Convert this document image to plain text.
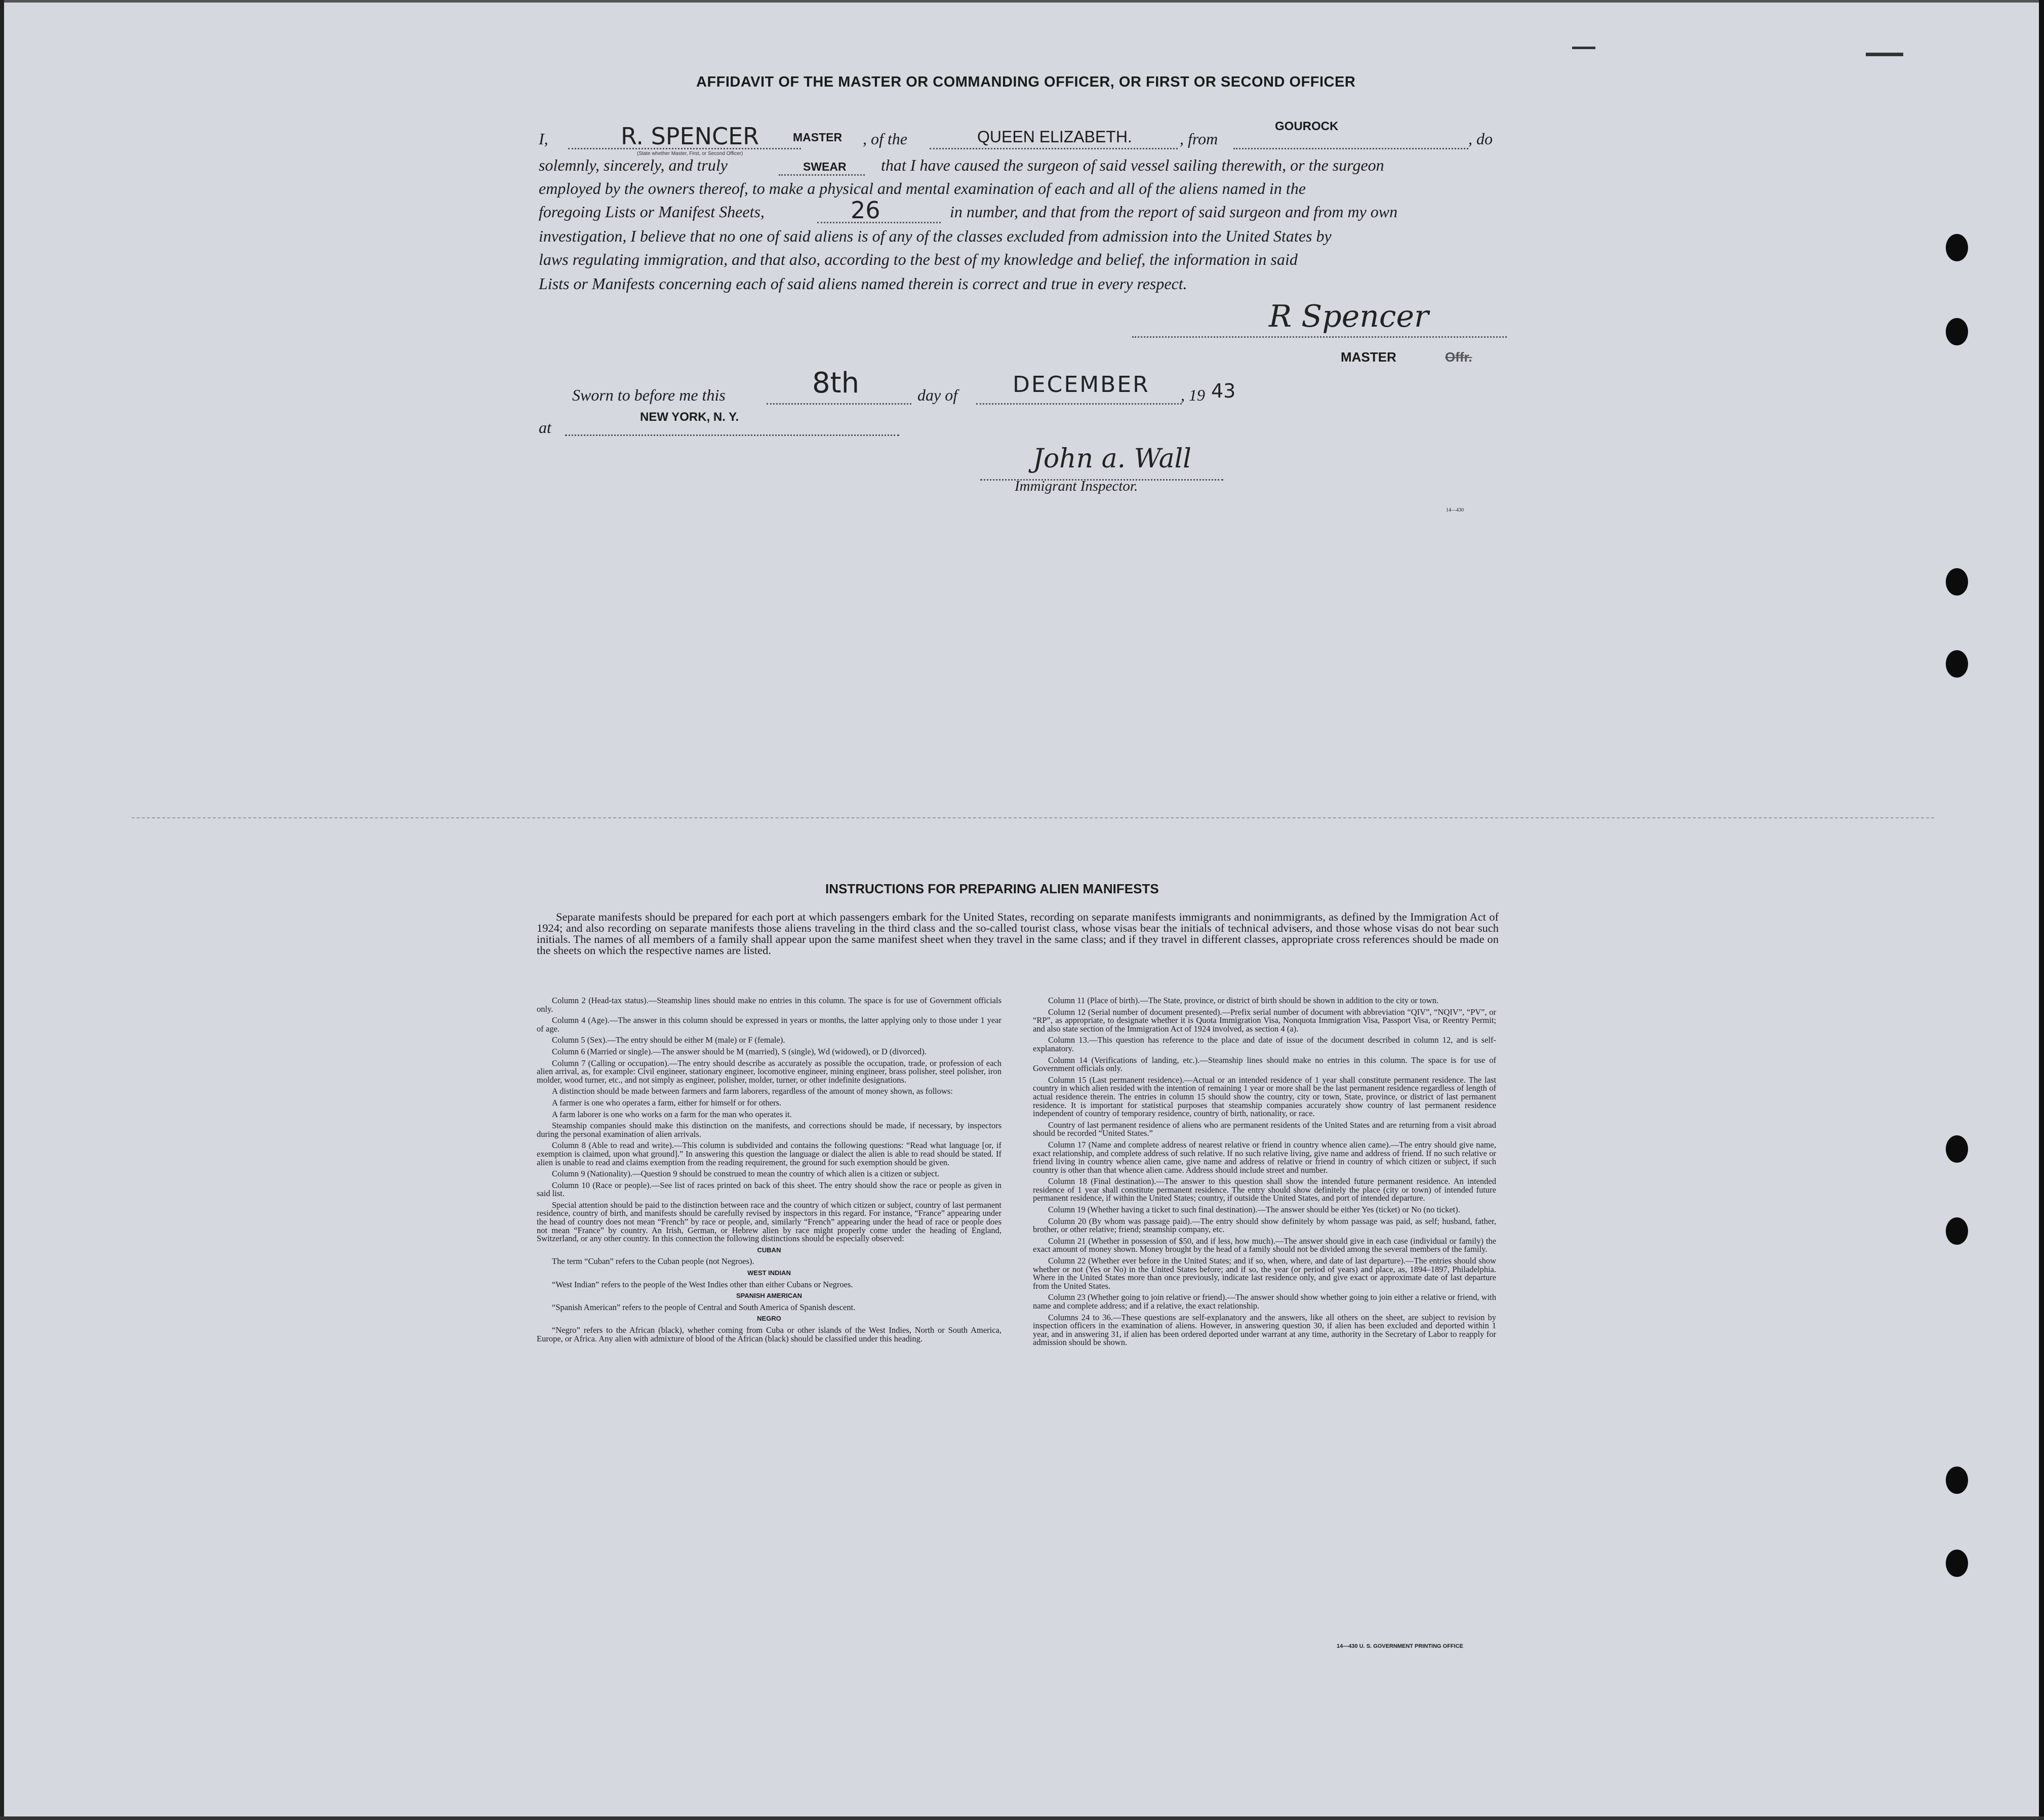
AFFIDAVIT OF THE MASTER OR COMMANDING OFFICER, OR FIRST OR SECOND OFFICER
I,	R. SPENCER	MASTER
(State whether Master, First, or Second Officer)
, of the	QUEEN ELIZABETH.	, from
GOUROCK
, do
solemnly, sincerely, and truly	SWEAR that I have caused the surgeon of said vessel sailing therewith, or the surgeon
employed by the owners thereof, to make a physical and mental examination of each and all of the aliens named in the
foregoing Lists or Manifest Sheets,	26	in number, and that from the report of said surgeon and from my own
investigation, I believe that no one of said aliens is of any of the classes excluded from admission into the United States by
laws regulating immigration, and that also, according to the best of my knowledge and belief, the information in said
Lists or Manifests concerning each of said aliens named therein is correct and true in every respect.
R Spencer
MASTER	Offr.
Sworn to before me this	8th	day of DECEMBER , 19 43
at
NEW YORK, N. Y.
John a. Wall
Immigrant Inspector.
14—430
INSTRUCTIONS FOR PREPARING ALIEN MANIFESTS
Separate manifests should be prepared for each port at which passengers embark for the United States, recording on separate manifests immigrants and nonimmigrants, as defined by the Immigration Act of 1924; and also recording on separate manifests those aliens traveling in the third class and the so-called tourist class, whose visas bear the initials of technical advisers, and those whose visas do not bear such initials. The names of all members of a family shall appear upon the same manifest sheet when they travel in the same class; and if they travel in different classes, appropriate cross references should be made on the sheets on which the respective names are listed.

Column 2 (Head-tax status).—Steamship lines should make no entries in this column. The space is for use of Government officials only.

Column 4 (Age).—The answer in this column should be expressed in years or months, the latter applying only to those under 1 year of age.

Column 5 (Sex).—The entry should be either M (male) or F (female).

Column 6 (Married or single).—The answer should be M (married), S (single), Wd (widowed), or D (divorced).

Column 7 (Calling or occupation).—The entry should describe as accurately as possible the occupation, trade, or profession of each alien arrival, as, for example: Civil engineer, stationary engineer, locomotive engineer, mining engineer, brass polisher, steel polisher, iron molder, wood turner, etc., and not simply as engineer, polisher, molder, turner, or other indefinite designations.

A distinction should be made between farmers and farm laborers, regardless of the amount of money shown, as follows:

A farmer is one who operates a farm, either for himself or for others.

A farm laborer is one who works on a farm for the man who operates it.

Steamship companies should make this distinction on the manifests, and corrections should be made, if necessary, by inspectors during the personal examination of alien arrivals.

Column 8 (Able to read and write).—This column is subdivided and contains the following questions: “Read what language [or, if exemption is claimed, upon what ground].” In answering this question the language or dialect the alien is able to read should be stated. If alien is unable to read and claims exemption from the reading requirement, the ground for such exemption should be given.

Column 9 (Nationality).—Question 9 should be construed to mean the country of which alien is a citizen or subject.

Column 10 (Race or people).—See list of races printed on back of this sheet. The entry should show the race or people as given in said list.

Special attention should be paid to the distinction between race and the country of which citizen or subject, country of last permanent residence, country of birth, and manifests should be carefully revised by inspectors in this regard. For instance, “France” appearing under the head of country does not mean “French” by race or people, and, similarly “French” appearing under the head of race or people does not mean “France” by country. An Irish, German, or Hebrew alien by race might properly come under the heading of England, Switzerland, or any other country. In this connection the following distinctions should be especially observed:

CUBAN

The term “Cuban” refers to the Cuban people (not Negroes).

WEST INDIAN

“West Indian” refers to the people of the West Indies other than either Cubans or Negroes.

SPANISH AMERICAN

“Spanish American” refers to the people of Central and South America of Spanish descent.

NEGRO

“Negro” refers to the African (black), whether coming from Cuba or other islands of the West Indies, North or South America, Europe, or Africa. Any alien with admixture of blood of the African (black) should be classified under this heading.

Column 11 (Place of birth).—The State, province, or district of birth should be shown in addition to the city or town.

Column 12 (Serial number of document presented).—Prefix serial number of document with abbreviation “QIV”, “NQIV”, “PV”, or “RP”, as appropriate, to designate whether it is Quota Immigration Visa, Nonquota Immigration Visa, Passport Visa, or Reentry Permit; and also state section of the Immigration Act of 1924 involved, as section 4 (a).

Column 13.—This question has reference to the place and date of issue of the document described in column 12, and is self-explanatory.

Column 14 (Verifications of landing, etc.).—Steamship lines should make no entries in this column. The space is for use of Government officials only.

Column 15 (Last permanent residence).—Actual or an intended residence of 1 year shall constitute permanent residence. The last country in which alien resided with the intention of remaining 1 year or more shall be the last permanent residence regardless of length of actual residence therein. The entries in column 15 should show the country, city or town, State, province, or district of last permanent residence. It is important for statistical purposes that steamship companies accurately show country of last permanent residence independent of country of temporary residence, country of birth, nationality, or race.

Country of last permanent residence of aliens who are permanent residents of the United States and are returning from a visit abroad should be recorded “United States.”

Column 17 (Name and complete address of nearest relative or friend in country whence alien came).—The entry should give name, exact relationship, and complete address of such relative. If no such relative living, give name and address of friend. If no such relative or friend living in country whence alien came, give name and address of relative or friend in country of which citizen or subject, if such country is other than that whence alien came. Address should include street and number.

Column 18 (Final destination).—The answer to this question shall show the intended future permanent residence. An intended residence of 1 year shall constitute permanent residence. The entry should show definitely the place (city or town) of intended future permanent residence, if within the United States; country, if outside the United States, and port of intended departure.

Column 19 (Whether having a ticket to such final destination).—The answer should be either Yes (ticket) or No (no ticket).

Column 20 (By whom was passage paid).—The entry should show definitely by whom passage was paid, as self; husband, father, brother, or other relative; friend; steamship company, etc.

Column 21 (Whether in possession of $50, and if less, how much).—The answer should give in each case (individual or family) the exact amount of money shown. Money brought by the head of a family should not be divided among the several members of the family.

Column 22 (Whether ever before in the United States; and if so, when, where, and date of last departure).—The entries should show whether or not (Yes or No) in the United States before; and if so, the year (or period of years) and place, as, 1894–1897, Philadelphia. Where in the United States more than once previously, indicate last residence only, and give exact or approximate date of last departure from the United States.

Column 23 (Whether going to join relative or friend).—The answer should show whether going to join either a relative or friend, with name and complete address; and if a relative, the exact relationship.

Columns 24 to 36.—These questions are self-explanatory and the answers, like all others on the sheet, are subject to revision by inspection officers in the examination of aliens. However, in answering question 30, if alien has been excluded and deported within 1 year, and in answering 31, if alien has been ordered deported under warrant at any time, authority in the Secretary of Labor to reapply for admission should be shown.

14—430 U. S. GOVERNMENT PRINTING OFFICE
